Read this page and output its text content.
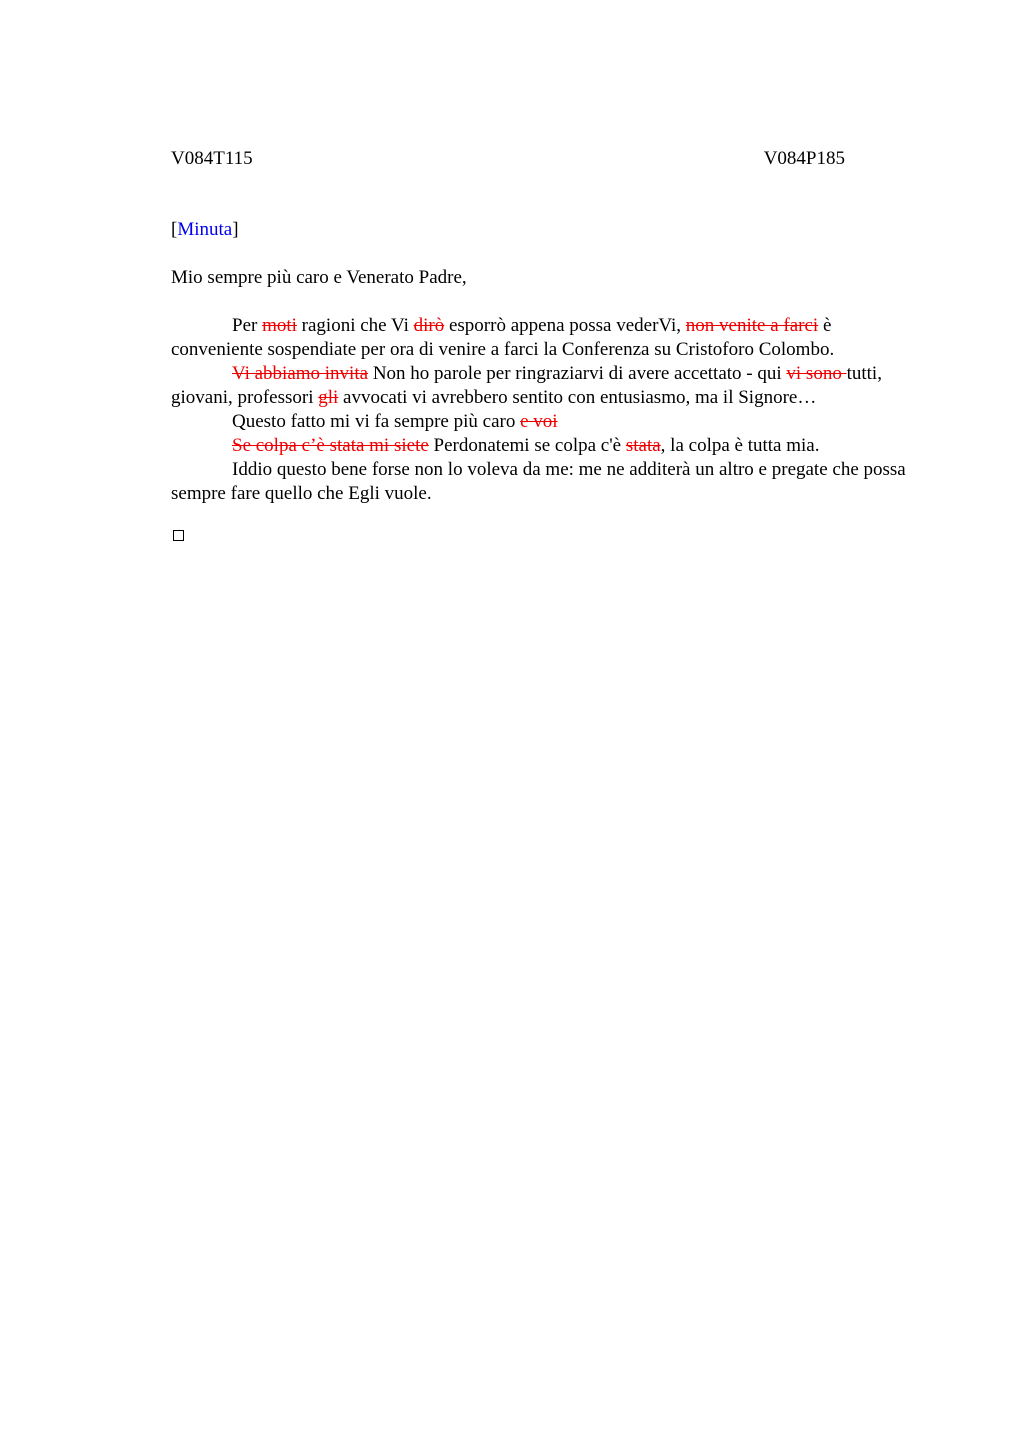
V084T115	V084P185
[Minuta]
Mio sempre più caro e Venerato Padre,

Per moti ragioni che Vi dirò esporrò appena possa vederVi, non venite a farci è conveniente sospendiate per ora di venire a farci la Conferenza su Cristoforo Colombo.

Vi abbiamo invita Non ho parole per ringraziarvi di avere accettato - qui vi sono tutti, giovani, professori gli avvocati vi avrebbero sentito con entusiasmo, ma il Signore…

Questo fatto mi vi fa sempre più caro e voi

Se colpa c’è stata mi siete Perdonatemi se colpa c'è stata, la colpa è tutta mia.

Iddio questo bene forse non lo voleva da me: me ne additerà un altro e pregate che possa sempre fare quello che Egli vuole.
